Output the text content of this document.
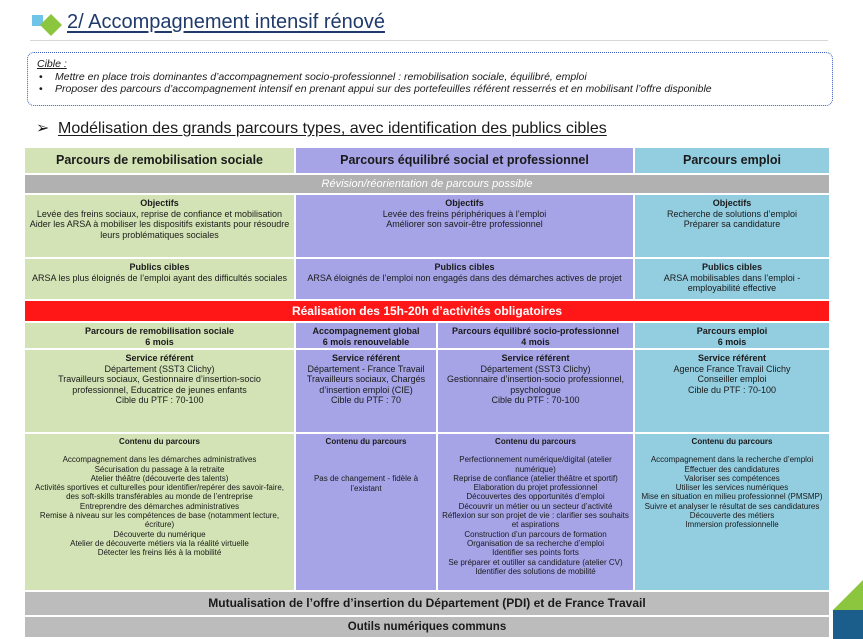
2/ Accompagnement intensif rénové
Cible :
• Mettre en place trois dominantes d’accompagnement socio-professionnel : remobilisation sociale, équilibré, emploi
• Proposer des parcours d’accompagnement intensif en prenant appui sur des portefeuilles référent resserrés et en mobilisant l’offre disponible
➢ Modélisation des grands parcours types, avec identification des publics cibles
Parcours de remobilisation sociale	Parcours équilibré social et professionnel	Parcours emploi
Révision/réorientation de parcours possible
Objectifs
Levée des freins sociaux, reprise de confiance et mobilisation
Aider les ARSA à mobiliser les dispositifs existants pour résoudre leurs problématiques sociales
Objectifs
Levée des freins périphériques à l’emploi
Améliorer son savoir-être professionnel
Objectifs
Recherche de solutions d’emploi
Préparer sa candidature
Publics cibles
ARSA les plus éloignés de l’emploi ayant des difficultés sociales
Publics cibles
ARSA éloignés de l’emploi non engagés dans des démarches actives de projet
Publics cibles
ARSA mobilisables dans l’emploi - employabilité effective
Réalisation des 15h-20h d’activités obligatoires
Parcours de remobilisation sociale
6 mois
Accompagnement global
6 mois renouvelable
Parcours équilibré socio-professionnel
4 mois
Parcours emploi
6 mois
Service référent
Département (SST3 Clichy)
Travailleurs sociaux, Gestionnaire d’insertion-socio professionnel, Educatrice de jeunes enfants
Cible du PTF : 70-100
Service référent
Département - France Travail
Travailleurs sociaux, Chargés d’insertion emploi (CIE)
Cible du PTF : 70
Service référent
Département (SST3 Clichy)
Gestionnaire d’insertion-socio professionnel, psychologue
Cible du PTF : 70-100
Service référent
Agence France Travail Clichy
Conseiller emploi
Cible du PTF : 70-100
Contenu du parcours
Accompagnement dans les démarches administratives
Sécurisation du passage à la retraite
Atelier théâtre (découverte des talents)
Activités sportives et culturelles pour identifier/repérer des savoir-faire, des soft-skills transférables au monde de l’entreprise
Entreprendre des démarches administratives
Remise à niveau sur les compétences de base (notamment lecture, écriture)
Découverte du numérique
Atelier de découverte métiers via la réalité virtuelle
Détecter les freins liés à la mobilité
Contenu du parcours
Pas de changement - fidèle à l’existant
Contenu du parcours
Perfectionnement numérique/digital (atelier numérique)
Reprise de confiance (atelier théâtre et sportif)
Elaboration du projet professionnel
Découvertes des opportunités d’emploi
Découvrir un métier ou un secteur d’activité
Réflexion sur son projet de vie : clarifier ses souhaits et aspirations
Construction d’un parcours de formation
Organisation de sa recherche d’emploi
Identifier ses points forts
Se préparer et outiller sa candidature (atelier CV)
Identifier des solutions de mobilité
Contenu du parcours
Accompagnement dans la recherche d’emploi
Effectuer des candidatures
Valoriser ses compétences
Utiliser les services numériques
Mise en situation en milieu professionnel (PMSMP)
Suivre et analyser le résultat de ses candidatures
Découverte des métiers
Immersion professionnelle
Mutualisation de l’offre d’insertion du Département (PDI) et de France Travail
Outils numériques communs
